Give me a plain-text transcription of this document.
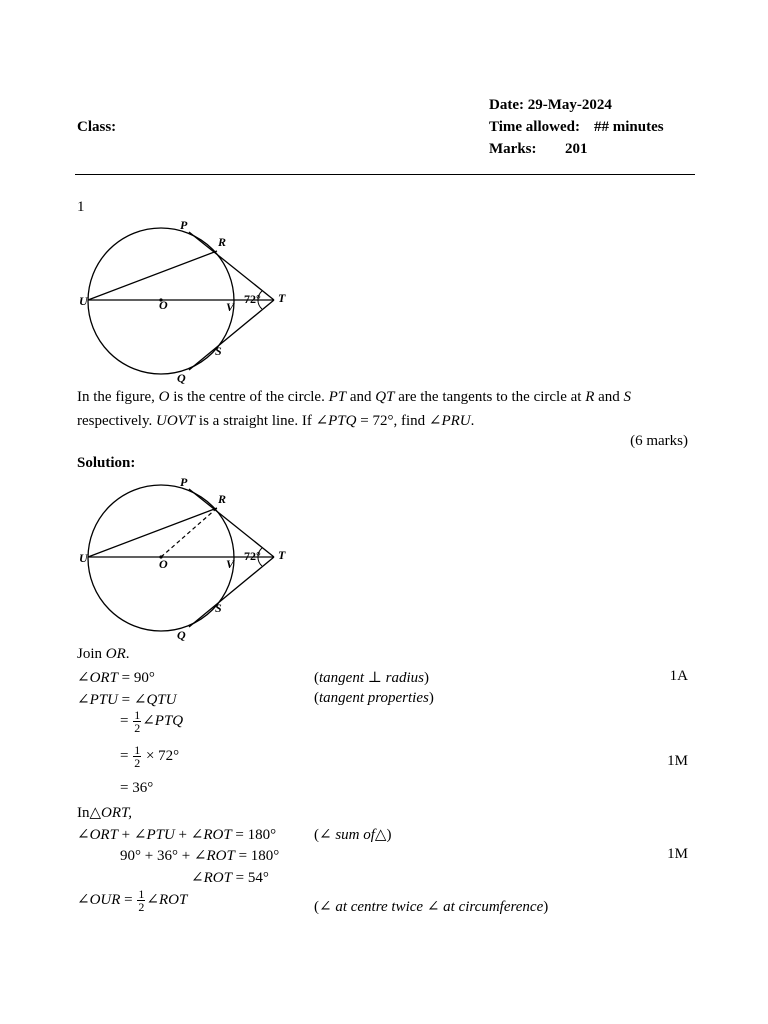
Date: 29-May-2024
Class:	Time allowed: ## minutes
Marks: 201
1
P
R
U	O	V
72° T
S
Q
In the figure, O is the centre of the circle. PT and QT are the tangents to the circle at R and S
respectively. UOVT is a straight line. If ∠PTQ = 72°, find ∠PRU.
(6 marks)
Solution:
P
R
U	O	V
72° T
S
Q
Join OR.
∠ORT = 90°	(tangent ⊥ radius)	1A
∠PTU = ∠QTU	(tangent properties)
= $\frac{1}{2}$ ∠PTQ
= $\frac{1}{2} \times 72^\circ$	1M
= 36°
In△ORT,
∠ORT + ∠PTU + ∠ROT = 180°	(∠ sum of△)
90° + 36° + ∠ROT = 180°	1M
∠ROT = 54°
∠OUR = $\frac{1}{2}$ ∠ROT	(∠ at centre twice ∠ at circumference)
